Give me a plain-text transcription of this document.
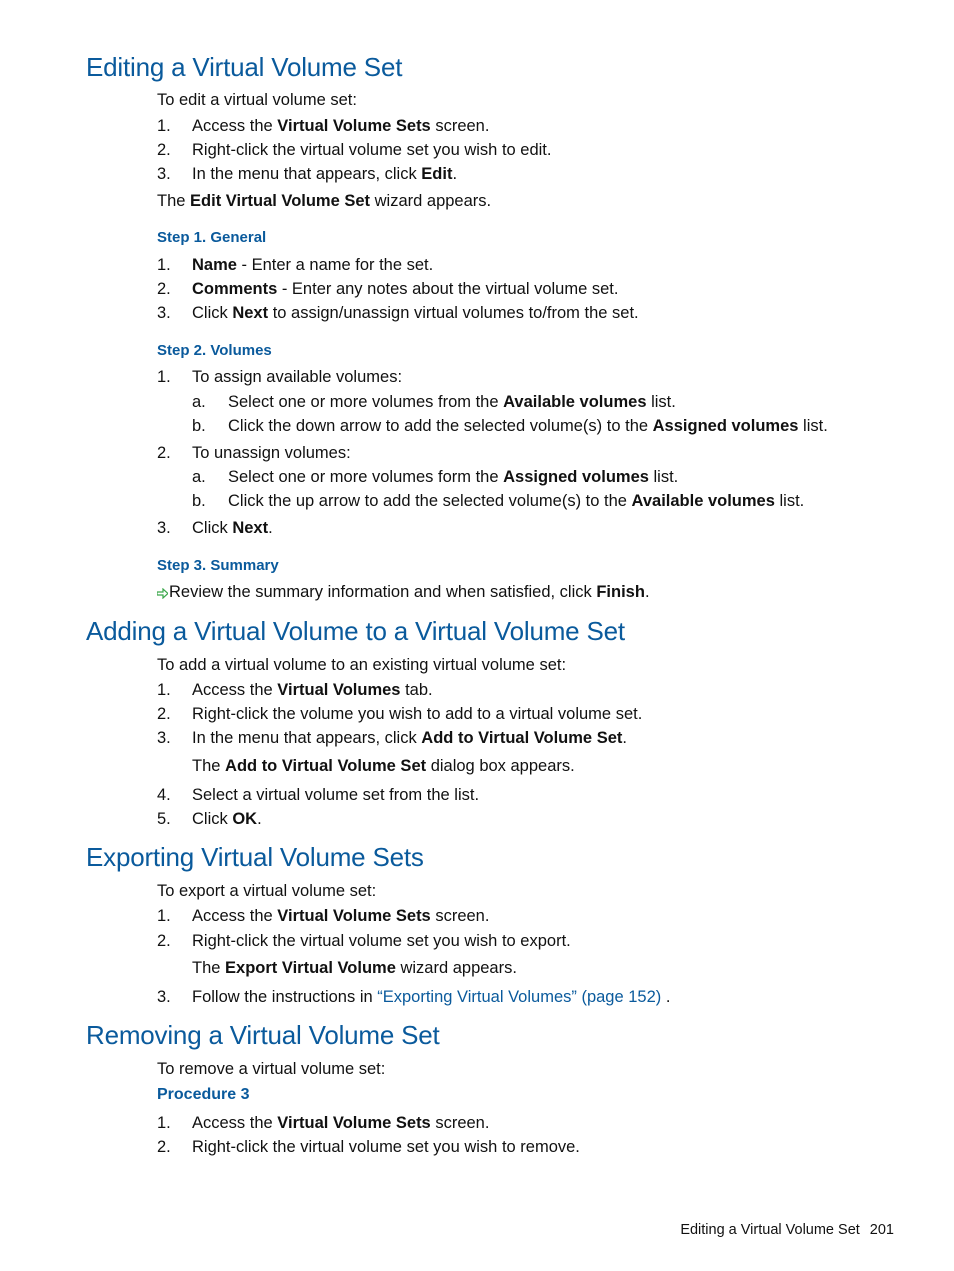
Editing a Virtual Volume Set

To edit a virtual volume set:

1. Access the Virtual Volume Sets screen.
2. Right-click the virtual volume set you wish to edit.
3. In the menu that appears, click Edit.

The Edit Virtual Volume Set wizard appears.

Step 1. General
1. Name - Enter a name for the set.
2. Comments - Enter any notes about the virtual volume set.
3. Click Next to assign/unassign virtual volumes to/from the set.
Step 2. Volumes
1. To assign available volumes:
a. Select one or more volumes from the Available volumes list.
b. Click the down arrow to add the selected volume(s) to the Assigned volumes list.
2. To unassign volumes:
a. Select one or more volumes form the Assigned volumes list.
b. Click the up arrow to add the selected volume(s) to the Available volumes list.
3. Click Next.
Step 3. Summary
Review the summary information and when satisfied, click Finish.
Adding a Virtual Volume to a Virtual Volume Set

To add a virtual volume to an existing virtual volume set:

1. Access the Virtual Volumes tab.
2. Right-click the volume you wish to add to a virtual volume set.
3. In the menu that appears, click Add to Virtual Volume Set.
The Add to Virtual Volume Set dialog box appears.
4. Select a virtual volume set from the list.
5. Click OK.
Exporting Virtual Volume Sets

To export a virtual volume set:

1. Access the Virtual Volume Sets screen.
2. Right-click the virtual volume set you wish to export.
The Export Virtual Volume wizard appears.
3. Follow the instructions in “Exporting Virtual Volumes” (page 152) .
Removing a Virtual Volume Set

To remove a virtual volume set:

Procedure 3
1. Access the Virtual Volume Sets screen.
2. Right-click the virtual volume set you wish to remove.
Editing a Virtual Volume Set 201
